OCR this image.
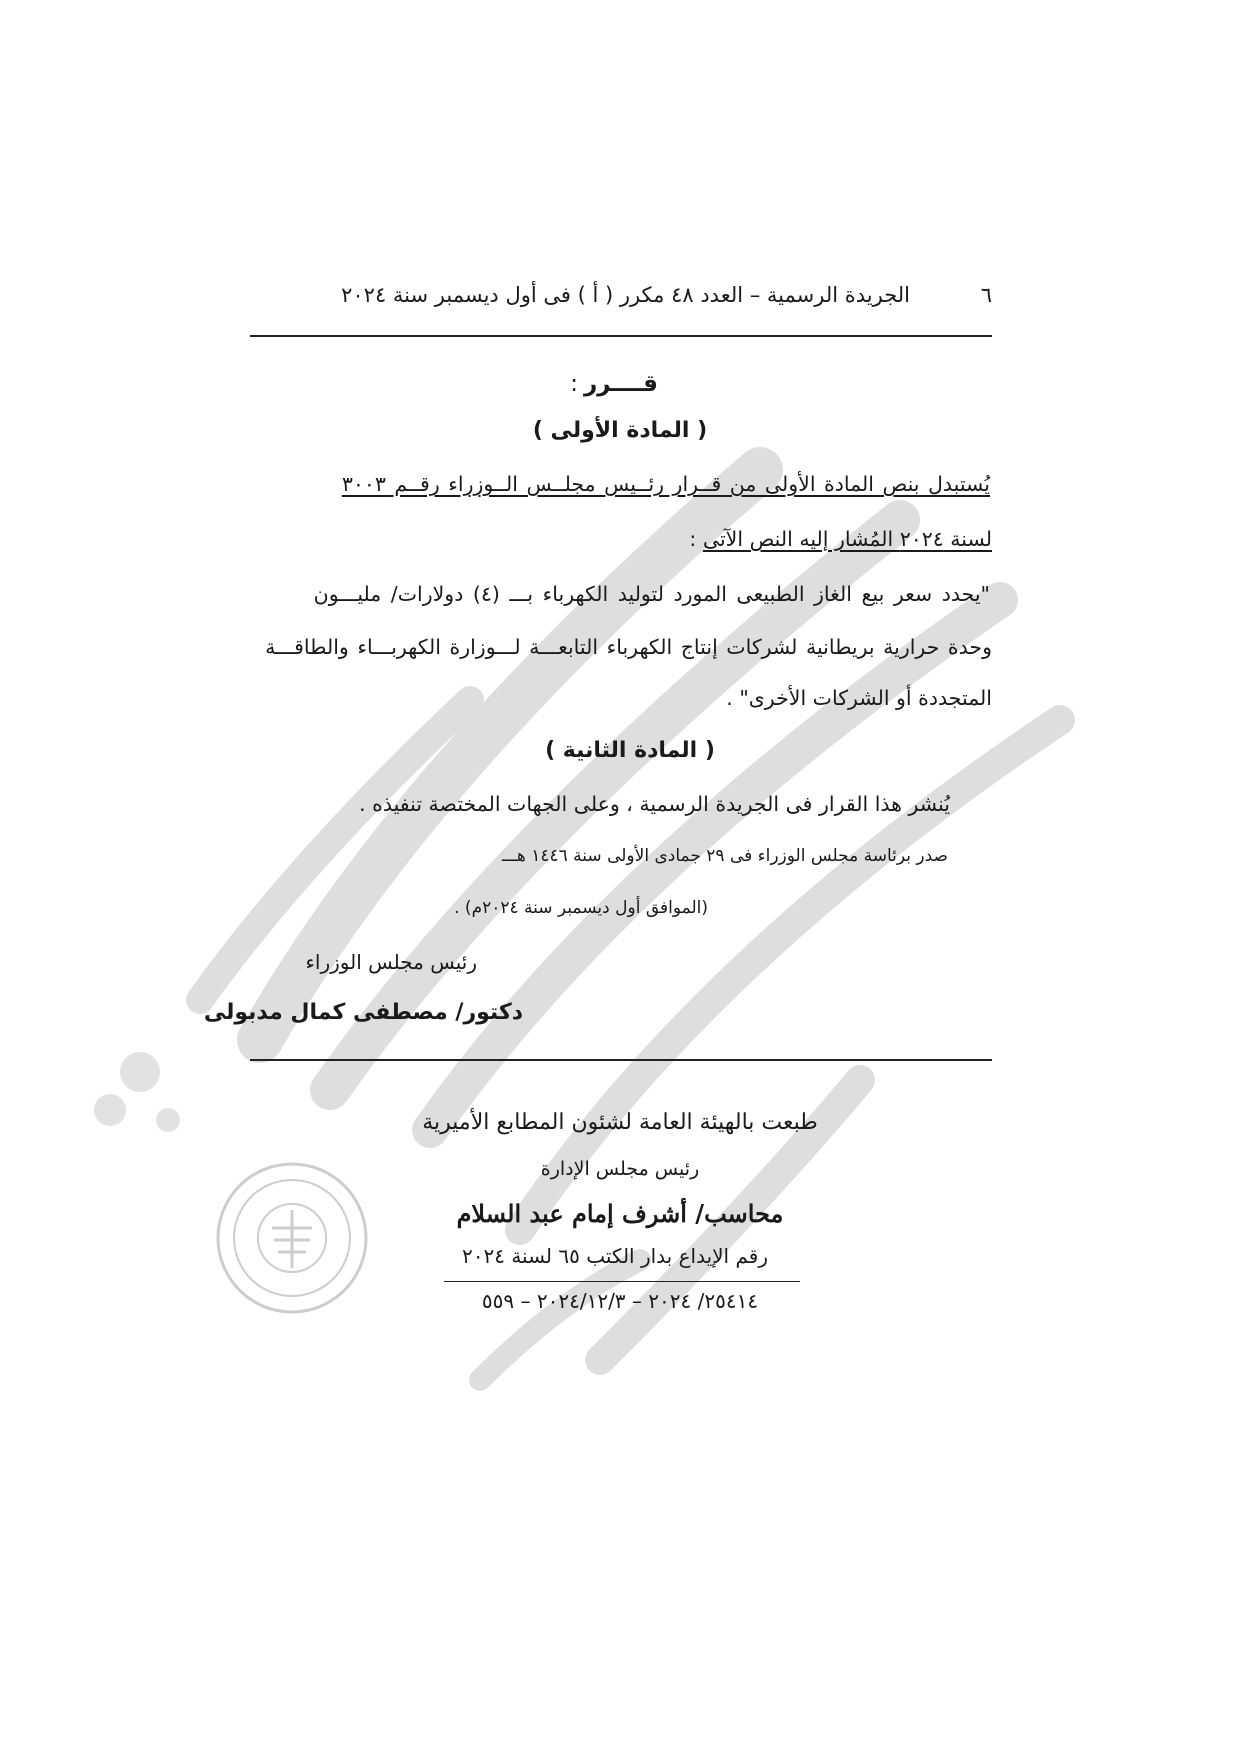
٦
الجريدة الرسمية – العدد ٤٨ مكرر ( أ ) فى أول ديسمبر سنة ٢٠٢٤
قــــرر:
( المادة الأولى )
يُستبدل بنص المادة الأولى من قــرار رئــيس مجلــس الــوزراء رقــم ٣٠٠٣
لسنة ٢٠٢٤ المُشار إليه النص الآتى :
"يحدد سعر بيع الغاز الطبيعى المورد لتوليد الكهرباء بـــ (٤) دولارات/ مليـــون
وحدة حرارية بريطانية لشركات إنتاج الكهرباء التابعـــة لـــوزارة الكهربـــاء والطاقـــة
المتجددة أو الشركات الأخرى" .
( المادة الثانية )
يُنشر هذا القرار فى الجريدة الرسمية ، وعلى الجهات المختصة تنفيذه .
صدر برئاسة مجلس الوزراء فى ٢٩ جمادى الأولى سنة ١٤٤٦ هـــ
(الموافق أول ديسمبر سنة ٢٠٢٤م) .
رئيس مجلس الوزراء
دكتور/ مصطفى كمال مدبولى
طبعت بالهيئة العامة لشئون المطابع الأميرية
رئيس مجلس الإدارة
محاسب/ أشرف إمام عبد السلام
رقم الإيداع بدار الكتب ٦٥ لسنة ٢٠٢٤
٢٥٤١٤/ ٢٠٢٤ – ٢٠٢٤/١٢/٣ – ٥٥٩
